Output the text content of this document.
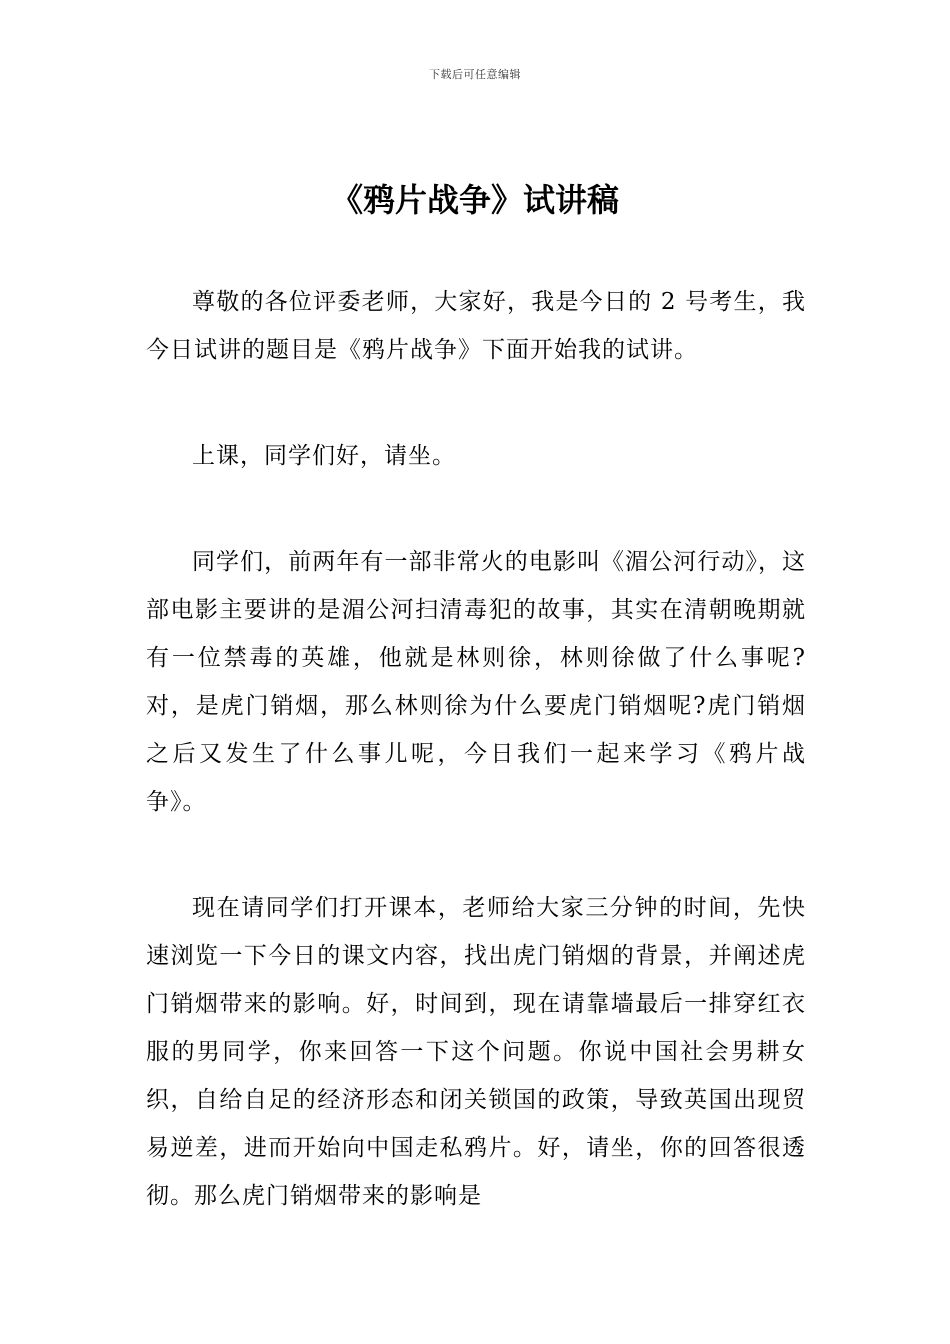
下载后可任意编辑
《鸦片战争》试讲稿

尊敬的各位评委老师，大家好，我是今日的 2 号考生，我今日试讲的题目是《鸦片战争》下面开始我的试讲。

上课，同学们好，请坐。

同学们，前两年有一部非常火的电影叫《湄公河行动》，这部电影主要讲的是湄公河扫清毒犯的故事，其实在清朝晚期就有一位禁毒的英雄，他就是林则徐，林则徐做了什么事呢?对，是虎门销烟，那么林则徐为什么要虎门销烟呢?虎门销烟之后又发生了什么事儿呢，今日我们一起来学习《鸦片战争》。

现在请同学们打开课本，老师给大家三分钟的时间，先快速浏览一下今日的课文内容，找出虎门销烟的背景，并阐述虎门销烟带来的影响。好，时间到，现在请靠墙最后一排穿红衣服的男同学，你来回答一下这个问题。你说中国社会男耕女织，自给自足的经济形态和闭关锁国的政策，导致英国出现贸易逆差，进而开始向中国走私鸦片。好，请坐，你的回答很透彻。那么虎门销烟带来的影响是
